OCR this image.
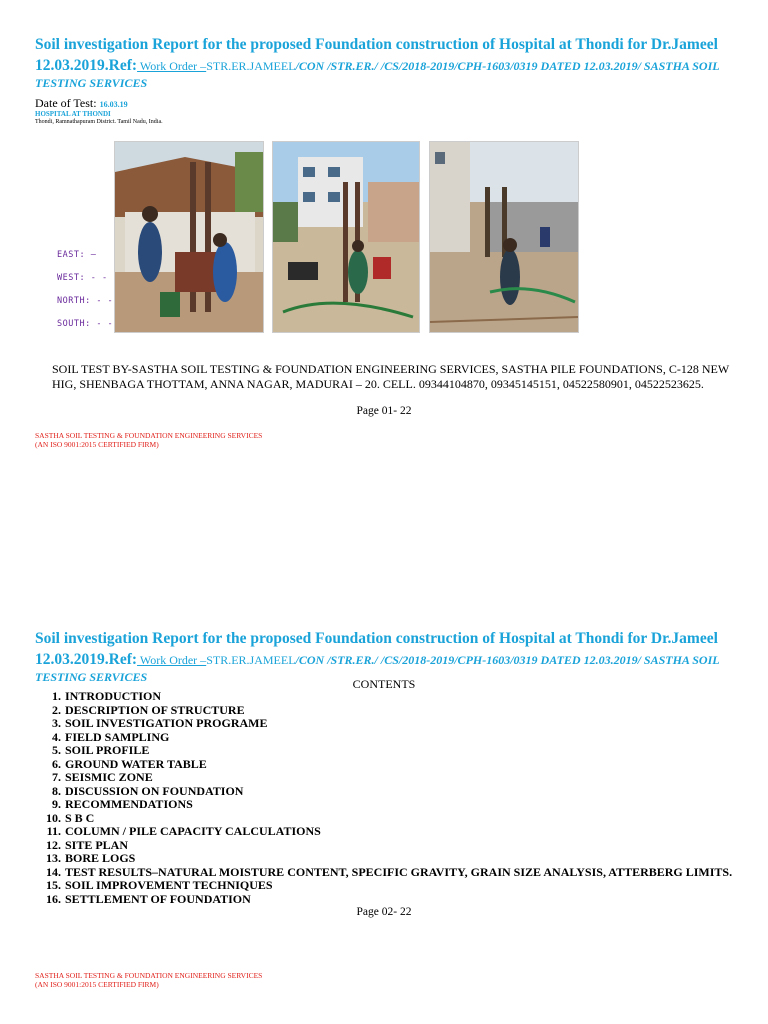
Soil investigation Report for the proposed Foundation construction of Hospital at Thondi for Dr.Jameel
12.03.2019.Ref: Work Order –STR.ER.JAMEEL/CON /STR.ER./ /CS/2018-2019/CPH-1603/0319 DATED 12.03.2019/ SASTHA SOIL
TESTING SERVICES
Date of Test: 16.03.19
HOSPITAL AT THONDI
Thondi, Ramnathapuram District. Tamil Nadu, India.
EAST: –
WEST: - -
NORTH: - -
SOUTH: - -
SOIL TEST BY-SASTHA SOIL TESTING & FOUNDATION ENGINEERING SERVICES, SASTHA PILE FOUNDATIONS, C-128 NEW HIG, SHENBAGA THOTTAM, ANNA NAGAR, MADURAI – 20. CELL. 09344104870, 09345145151, 04522580901, 04522523625.
Page 01- 22
SASTHA SOIL TESTING & FOUNDATION ENGINEERING SERVICES
(AN ISO 9001:2015 CERTIFIED FIRM)
Soil investigation Report for the proposed Foundation construction of Hospital at Thondi for Dr.Jameel
12.03.2019.Ref: Work Order –STR.ER.JAMEEL/CON /STR.ER./ /CS/2018-2019/CPH-1603/0319 DATED 12.03.2019/ SASTHA SOIL
TESTING SERVICES	CONTENTS
1. INTRODUCTION
2. DESCRIPTION OF STRUCTURE
3. SOIL INVESTIGATION PROGRAME
4. FIELD SAMPLING
5. SOIL PROFILE
6. GROUND WATER TABLE
7. SEISMIC ZONE
8. DISCUSSION ON FOUNDATION
9. RECOMMENDATIONS
10. S B C
11. COLUMN / PILE CAPACITY CALCULATIONS
12. SITE PLAN
13. BORE LOGS
14. TEST RESULTS–NATURAL MOISTURE CONTENT, SPECIFIC GRAVITY, GRAIN SIZE ANALYSIS, ATTERBERG LIMITS.
15. SOIL IMPROVEMENT TECHNIQUES
16. SETTLEMENT OF FOUNDATION
Page 02- 22
SASTHA SOIL TESTING & FOUNDATION ENGINEERING SERVICES
(AN ISO 9001:2015 CERTIFIED FIRM)
